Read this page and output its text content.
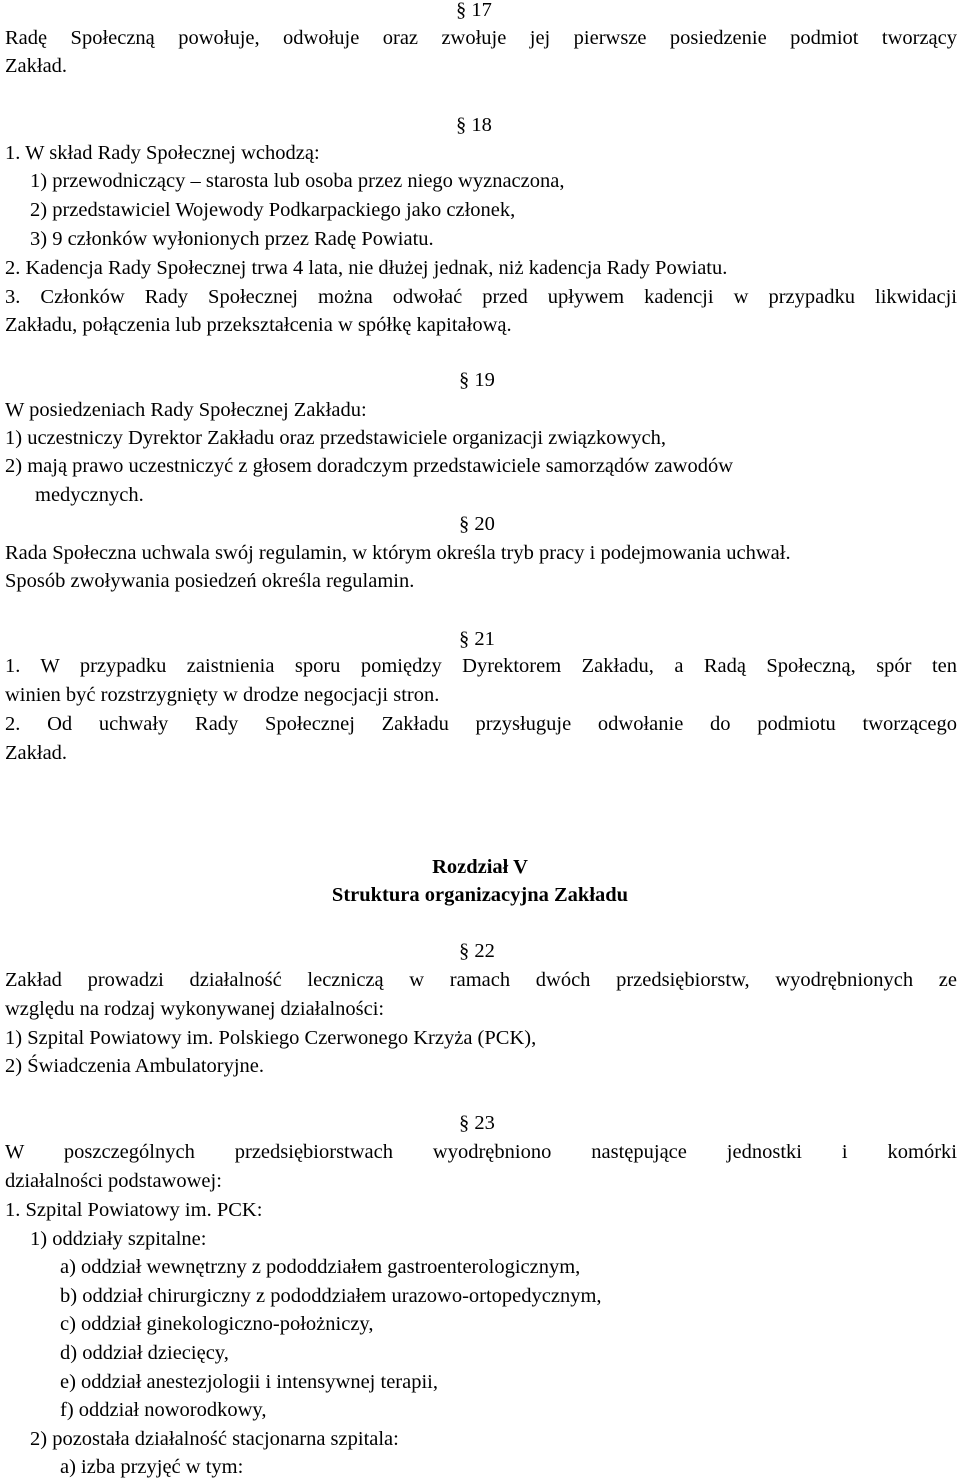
§ 17
Radę Społeczną powołuje, odwołuje oraz zwołuje jej pierwsze posiedzenie podmiot tworzący
Zakład.
§ 18
1. W skład Rady Społecznej wchodzą:
1) przewodniczący – starosta lub osoba przez niego wyznaczona,
2) przedstawiciel Wojewody Podkarpackiego jako członek,
3) 9 członków wyłonionych przez Radę Powiatu.
2. Kadencja Rady Społecznej trwa 4 lata, nie dłużej jednak, niż kadencja Rady Powiatu.
3. Członków Rady Społecznej można odwołać przed upływem kadencji w przypadku likwidacji
Zakładu, połączenia lub przekształcenia w spółkę kapitałową.
§ 19
W posiedzeniach Rady Społecznej Zakładu:
1) uczestniczy Dyrektor Zakładu oraz przedstawiciele organizacji związkowych,
2) mają prawo uczestniczyć z głosem doradczym przedstawiciele samorządów zawodów
medycznych.
§ 20
Rada Społeczna uchwala swój regulamin, w którym określa tryb pracy i podejmowania uchwał.
Sposób zwoływania posiedzeń określa regulamin.
§ 21
1. W przypadku zaistnienia sporu pomiędzy Dyrektorem Zakładu, a Radą Społeczną, spór ten
winien być rozstrzygnięty w drodze negocjacji stron.
2. Od uchwały Rady Społecznej Zakładu przysługuje odwołanie do podmiotu tworzącego
Zakład.
Rozdział V
Struktura organizacyjna Zakładu
§ 22
Zakład prowadzi działalność leczniczą w ramach dwóch przedsiębiorstw, wyodrębnionych ze
względu na rodzaj wykonywanej działalności:
1) Szpital Powiatowy im. Polskiego Czerwonego Krzyża (PCK),
2) Świadczenia Ambulatoryjne.
§ 23
W poszczególnych przedsiębiorstwach wyodrębniono następujące jednostki i komórki
działalności podstawowej:
1. Szpital Powiatowy im. PCK:
1) oddziały szpitalne:
a) oddział wewnętrzny z pododdziałem gastroenterologicznym,
b) oddział chirurgiczny z pododdziałem urazowo-ortopedycznym,
c) oddział ginekologiczno-położniczy,
d) oddział dziecięcy,
e) oddział anestezjologii i intensywnej terapii,
f) oddział noworodkowy,
2) pozostała działalność stacjonarna szpitala:
a) izba przyjęć w tym:
